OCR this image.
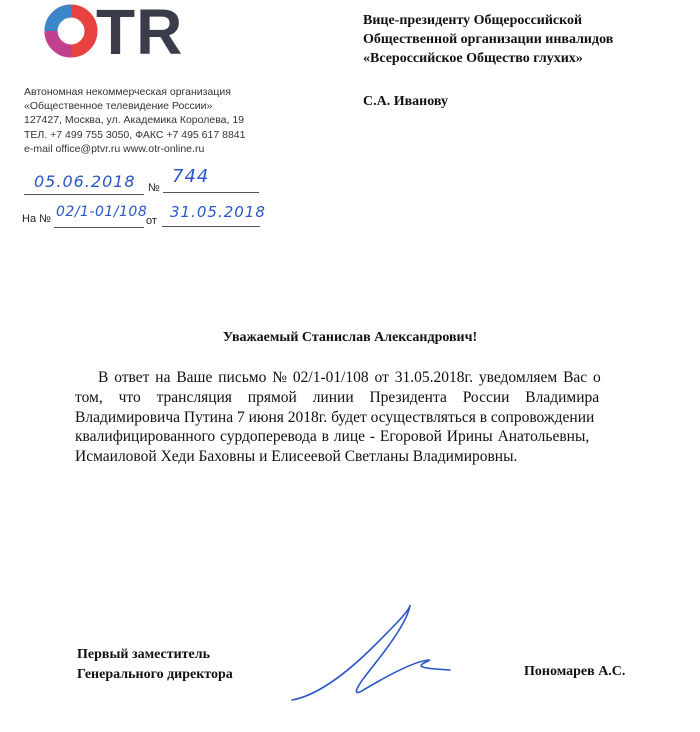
TR
Автономная некоммерческая организация
«Общественное телевидение России»
127427, Москва, ул. Академика Королева, 19
ТЕЛ. +7 499 755 3050, ФАКС +7 495 617 8841
e-mail office@ptvr.ru www.otr-online.ru
Вице-президенту Общероссийской
Общественной организации инвалидов
«Всероссийское Общество глухих»
С.А. Иванову
05.06.2018 №
744
На № 02/1-01/108
от 31.05.2018
Уважаемый Станислав Александрович!
В ответ на Ваше письмо № 02/1-01/108 от 31.05.2018г. уведомляем Вас о
том, что трансляция прямой линии Президента России Владимира
Владимировича Путина 7 июня 2018г. будет осуществляться в сопровождении
квалифицированного сурдоперевода в лице - Егоровой Ирины Анатольевны,
Исмаиловой Хеди Баховны и Елисеевой Светланы Владимировны.
Первый заместитель
Генерального директора	Пономарев А.С.
